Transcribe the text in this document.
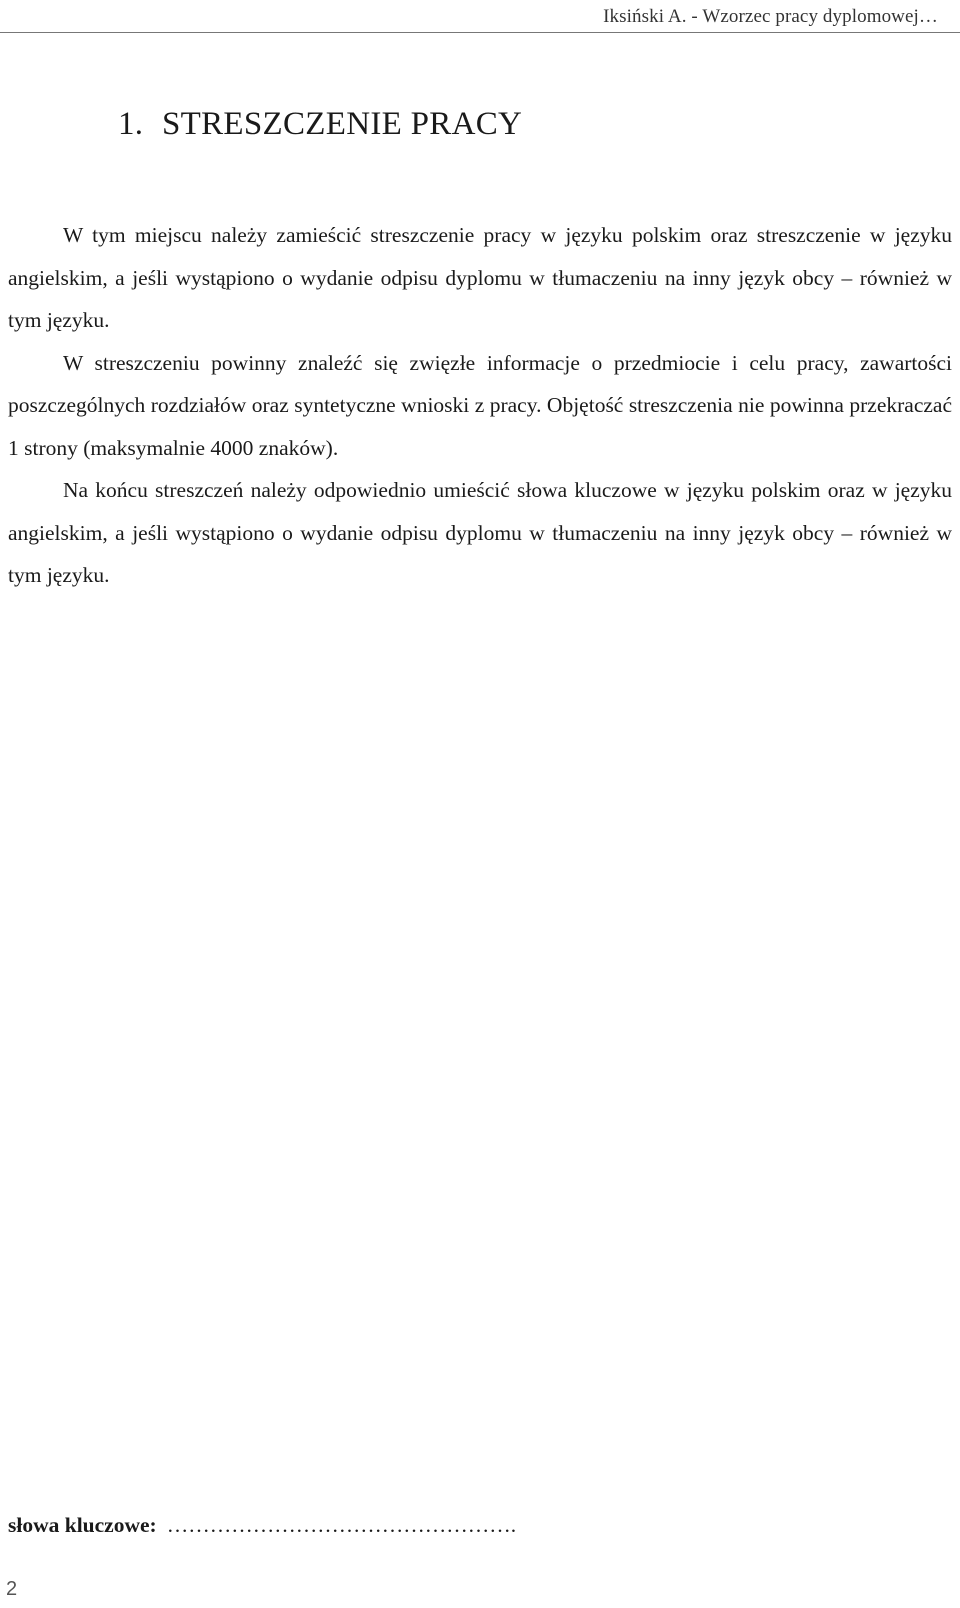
Iksiński A. - Wzorzec pracy dyplomowej…
1. STRESZCZENIE PRACY

W tym miejscu należy zamieścić streszczenie pracy w języku polskim oraz streszczenie w języku angielskim, a jeśli wystąpiono o wydanie odpisu dyplomu w tłumaczeniu na inny język obcy – również w tym języku.

W streszczeniu powinny znaleźć się zwięzłe informacje o przedmiocie i celu pracy, zawartości poszczególnych rozdziałów oraz syntetyczne wnioski z pracy. Objętość streszczenia nie powinna przekraczać 1 strony (maksymalnie 4000 znaków).

Na końcu streszczeń należy odpowiednio umieścić słowa kluczowe w języku polskim oraz w języku angielskim, a jeśli wystąpiono o wydanie odpisu dyplomu w tłumaczeniu na inny język obcy – również w tym języku.

słowa kluczowe: ………………………………………….
2
